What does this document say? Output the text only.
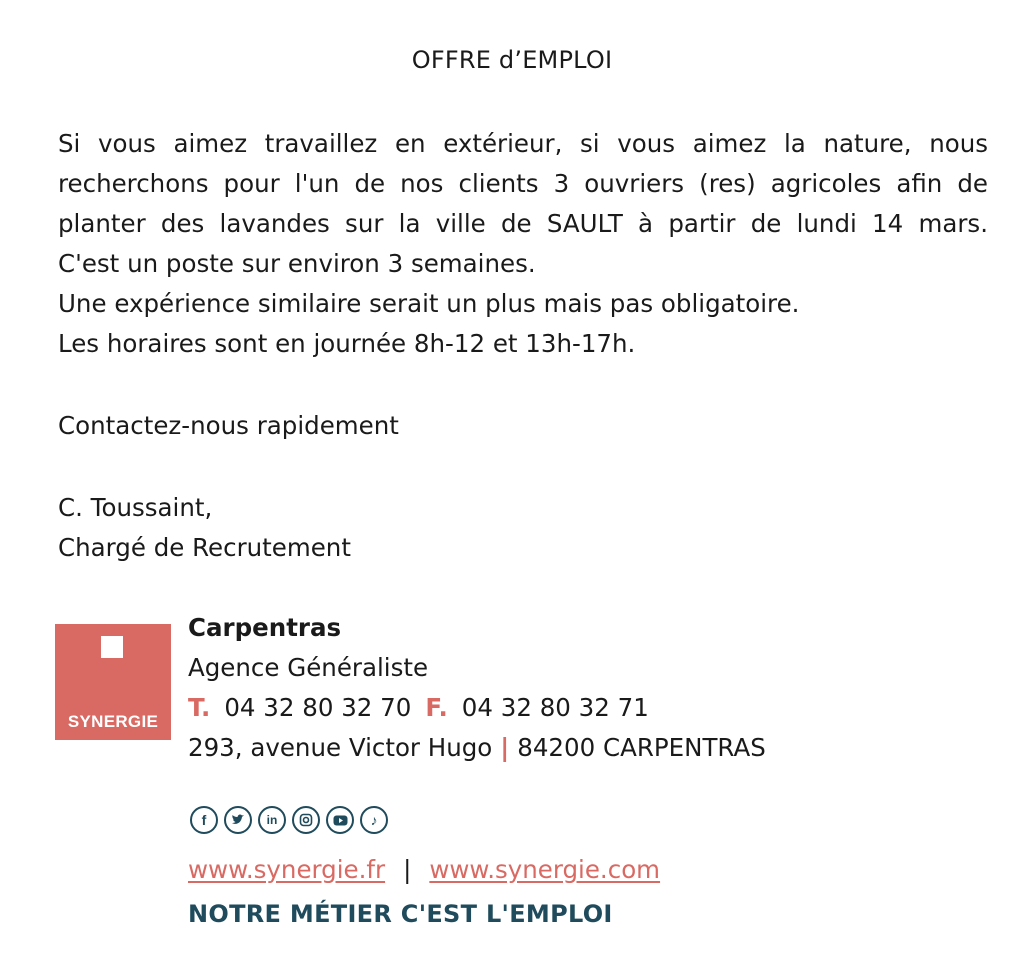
OFFRE d’EMPLOI
Si vous aimez travaillez en extérieur, si vous aimez la nature, nous
recherchons pour l'un de nos clients 3 ouvriers (res) agricoles afin de
planter des lavandes sur la ville de SAULT à partir de lundi 14 mars.
C'est un poste sur environ 3 semaines.
Une expérience similaire serait un plus mais pas obligatoire.
Les horaires sont en journée 8h-12 et 13h-17h.
Contactez-nous rapidement
C. Toussaint,
Chargé de Recrutement
SYNERGIE
Carpentras
Agence Généraliste
T. 04 32 80 32 70 F. 04 32 80 32 71
293, avenue Victor Hugo | 84200 CARPENTRAS
f	in	♪
www.synergie.fr | www.synergie.com
NOTRE MÉTIER C'EST L'EMPLOI
